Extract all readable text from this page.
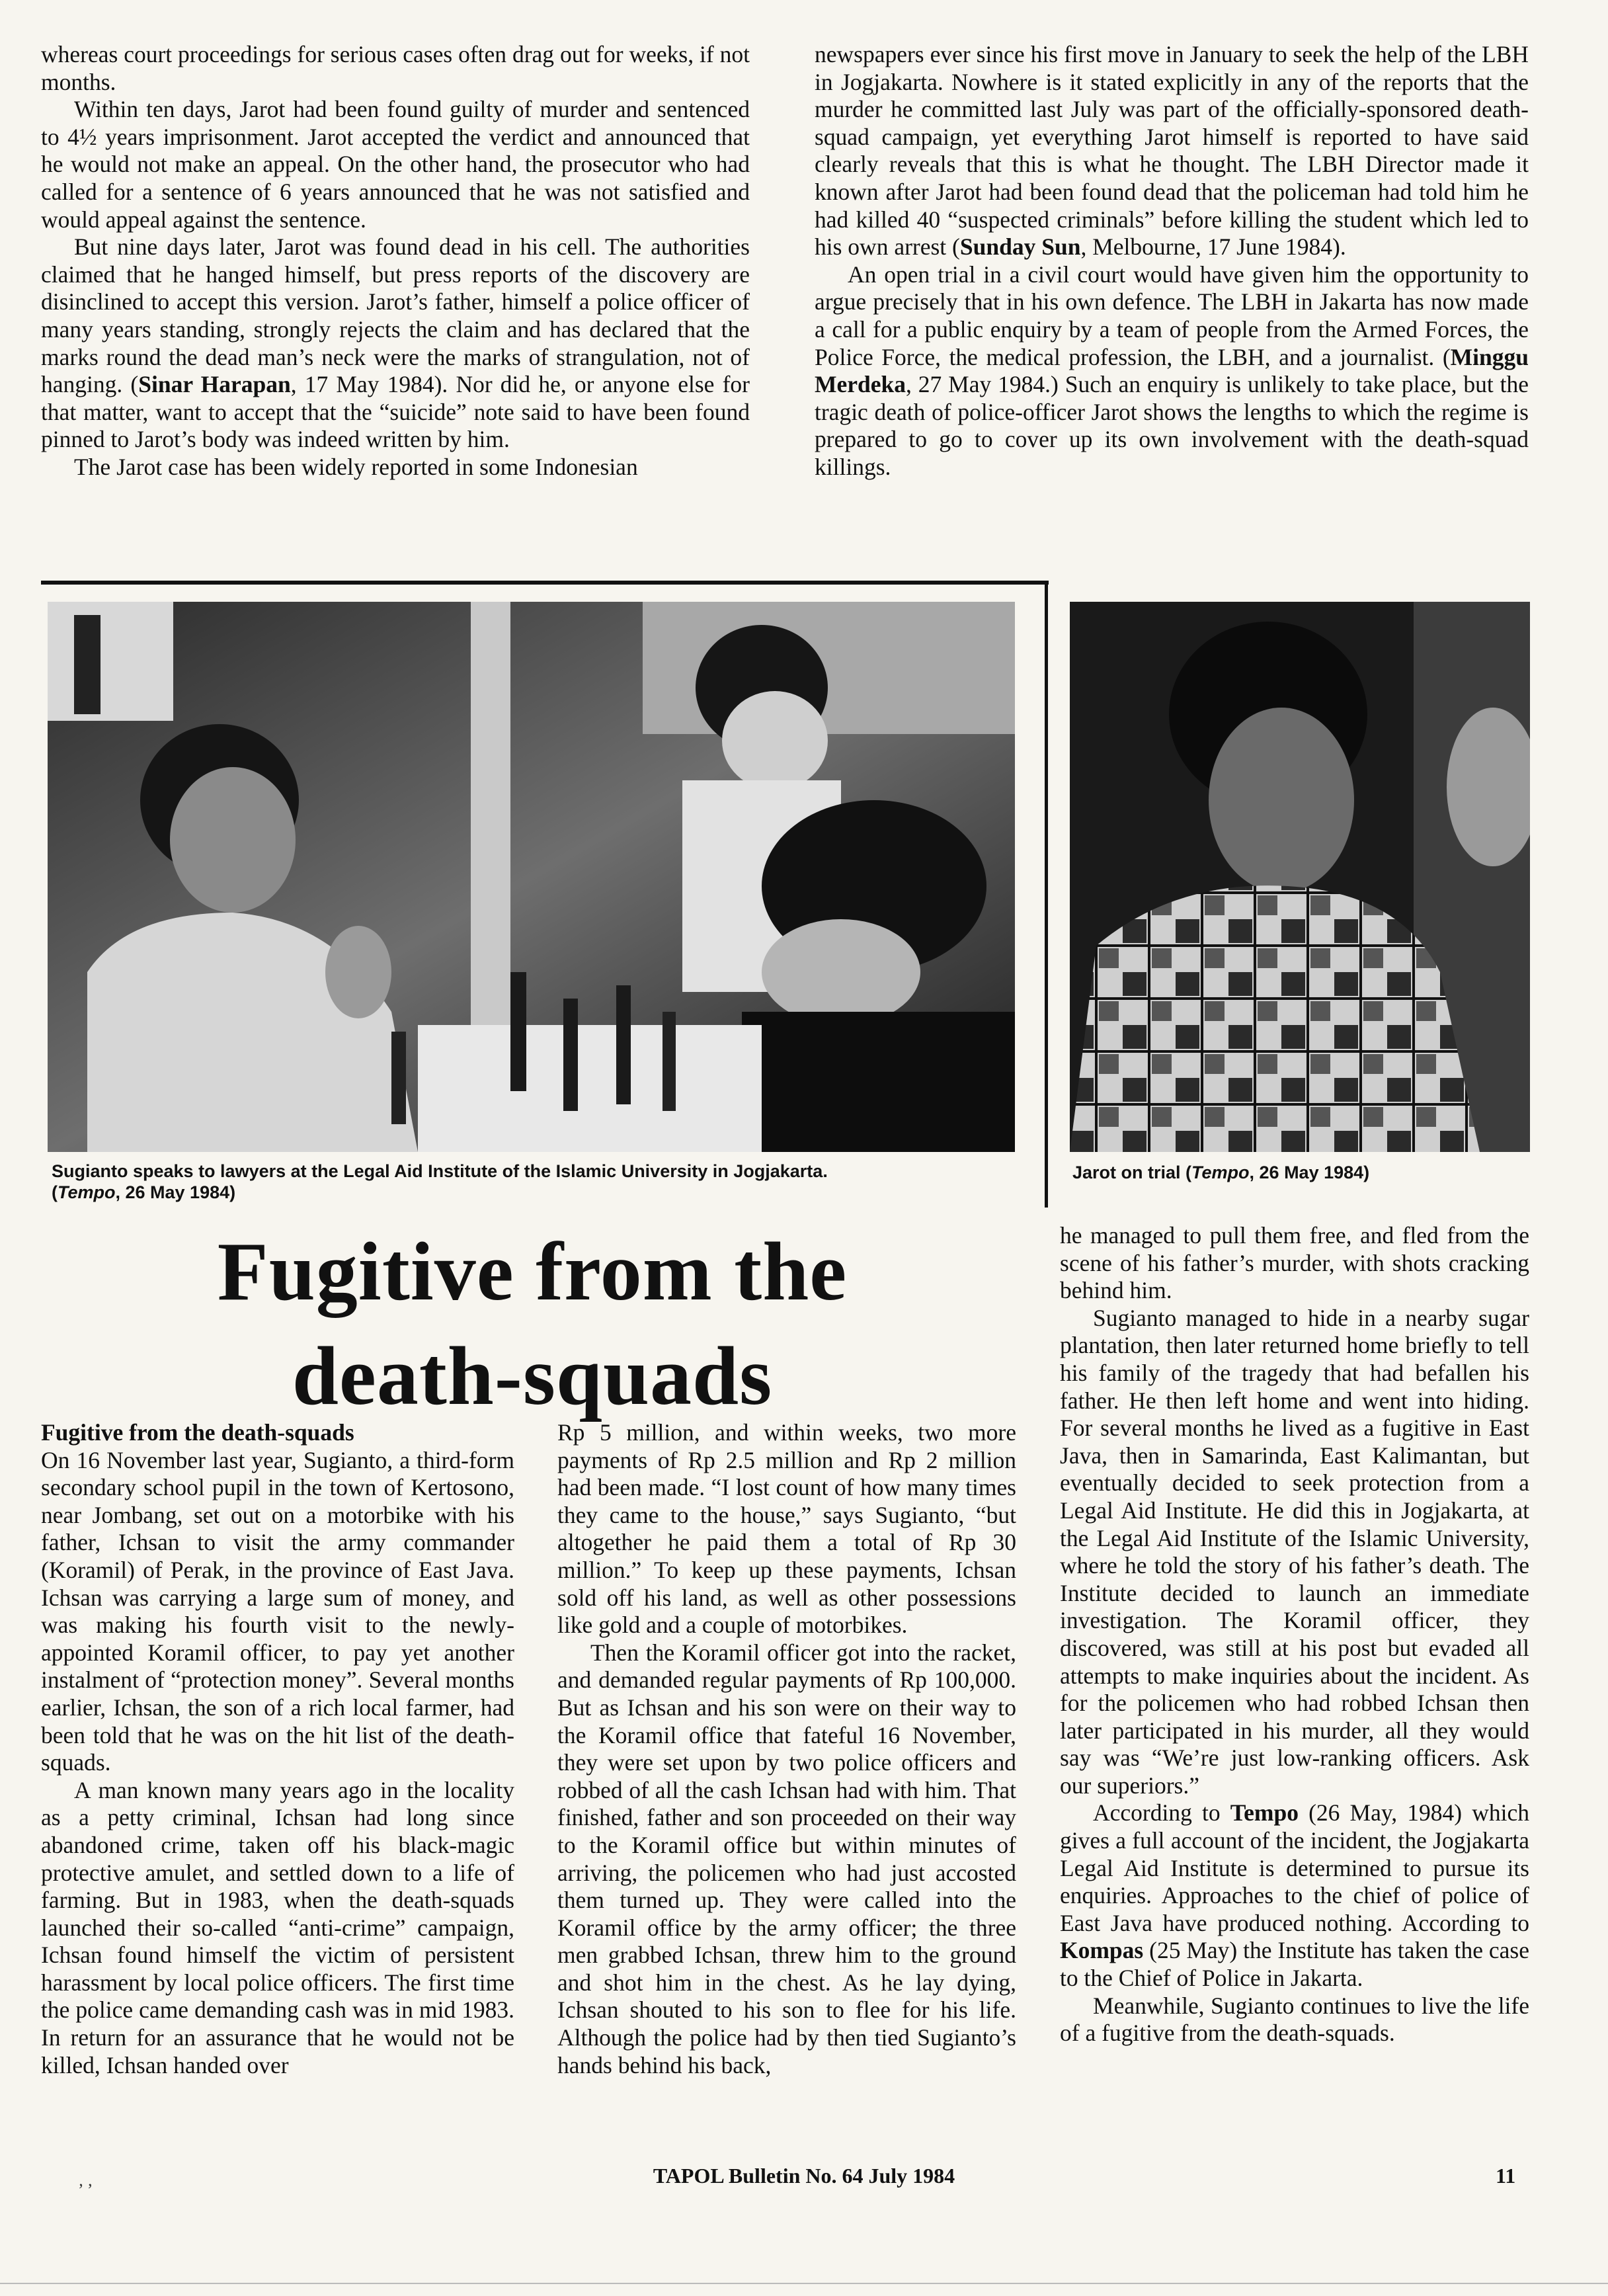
whereas court proceedings for serious cases often drag out for weeks, if not months.

Within ten days, Jarot had been found guilty of murder and sentenced to 4½ years imprisonment. Jarot accepted the verdict and announced that he would not make an appeal. On the other hand, the prosecutor who had called for a sentence of 6 years announced that he was not satisfied and would appeal against the sentence.

But nine days later, Jarot was found dead in his cell. The authorities claimed that he hanged himself, but press reports of the discovery are disinclined to accept this version. Jarot’s father, himself a police officer of many years standing, strongly rejects the claim and has declared that the marks round the dead man’s neck were the marks of strangulation, not of hanging. (Sinar Harapan, 17 May 1984). Nor did he, or anyone else for that matter, want to accept that the “suicide” note said to have been found pinned to Jarot’s body was indeed written by him.

The Jarot case has been widely reported in some Indonesian

newspapers ever since his first move in January to seek the help of the LBH in Jogjakarta. Nowhere is it stated explicitly in any of the reports that the murder he committed last July was part of the officially-sponsored death-squad campaign, yet everything Jarot himself is reported to have said clearly reveals that this is what he thought. The LBH Director made it known after Jarot had been found dead that the policeman had told him he had killed 40 “suspected criminals” before killing the student which led to his own arrest (Sunday Sun, Melbourne, 17 June 1984).

An open trial in a civil court would have given him the opportunity to argue precisely that in his own defence. The LBH in Jakarta has now made a call for a public enquiry by a team of people from the Armed Forces, the Police Force, the medical profession, the LBH, and a journalist. (Minggu Merdeka, 27 May 1984.) Such an enquiry is unlikely to take place, but the tragic death of police-officer Jarot shows the lengths to which the regime is prepared to go to cover up its own involvement with the death-squad killings.

Sugianto speaks to lawyers at the Legal Aid Institute of the Islamic University in Jogjakarta.
(Tempo, 26 May 1984)
Jarot on trial (Tempo, 26 May 1984)
Fugitive from the
death-squads

Fugitive from the death-squads

On 16 November last year, Sugianto, a third-form secondary school pupil in the town of Kertosono, near Jombang, set out on a motorbike with his father, Ichsan to visit the army commander (Koramil) of Perak, in the province of East Java. Ichsan was carrying a large sum of money, and was making his fourth visit to the newly-appointed Koramil officer, to pay yet another instalment of “protection money”. Several months earlier, Ichsan, the son of a rich local farmer, had been told that he was on the hit list of the death-squads.

A man known many years ago in the locality as a petty criminal, Ichsan had long since abandoned crime, taken off his black-magic protective amulet, and settled down to a life of farming. But in 1983, when the death-squads launched their so-called “anti-crime” campaign, Ichsan found himself the victim of persistent harassment by local police officers. The first time the police came demanding cash was in mid 1983. In return for an assurance that he would not be killed, Ichsan handed over

Rp 5 million, and within weeks, two more payments of Rp 2.5 million and Rp 2 million had been made. “I lost count of how many times they came to the house,” says Sugianto, “but altogether he paid them a total of Rp 30 million.” To keep up these payments, Ichsan sold off his land, as well as other possessions like gold and a couple of motorbikes.

Then the Koramil officer got into the racket, and demanded regular payments of Rp 100,000. But as Ichsan and his son were on their way to the Koramil office that fateful 16 November, they were set upon by two police officers and robbed of all the cash Ichsan had with him. That finished, father and son proceeded on their way to the Koramil office but within minutes of arriving, the policemen who had just accosted them turned up. They were called into the Koramil office by the army officer; the three men grabbed Ichsan, threw him to the ground and shot him in the chest. As he lay dying, Ichsan shouted to his son to flee for his life. Although the police had by then tied Sugianto’s hands behind his back,

he managed to pull them free, and fled from the scene of his father’s murder, with shots cracking behind him.

Sugianto managed to hide in a nearby sugar plantation, then later returned home briefly to tell his family of the tragedy that had befallen his father. He then left home and went into hiding. For several months he lived as a fugitive in East Java, then in Samarinda, East Kalimantan, but eventually decided to seek protection from a Legal Aid Institute. He did this in Jogjakarta, at the Legal Aid Institute of the Islamic University, where he told the story of his father’s death. The Institute decided to launch an immediate investigation. The Koramil officer, they discovered, was still at his post but evaded all attempts to make inquiries about the incident. As for the policemen who had robbed Ichsan then later participated in his murder, all they would say was “We’re just low-ranking officers. Ask our superiors.”

According to Tempo (26 May, 1984) which gives a full account of the incident, the Jogjakarta Legal Aid Institute is determined to pursue its enquiries. Approaches to the chief of police of East Java have produced nothing. According to Kompas (25 May) the Institute has taken the case to the Chief of Police in Jakarta.

Meanwhile, Sugianto continues to live the life of a fugitive from the death-squads.

‚ ,	TAPOL Bulletin No. 64 July 1984	11
